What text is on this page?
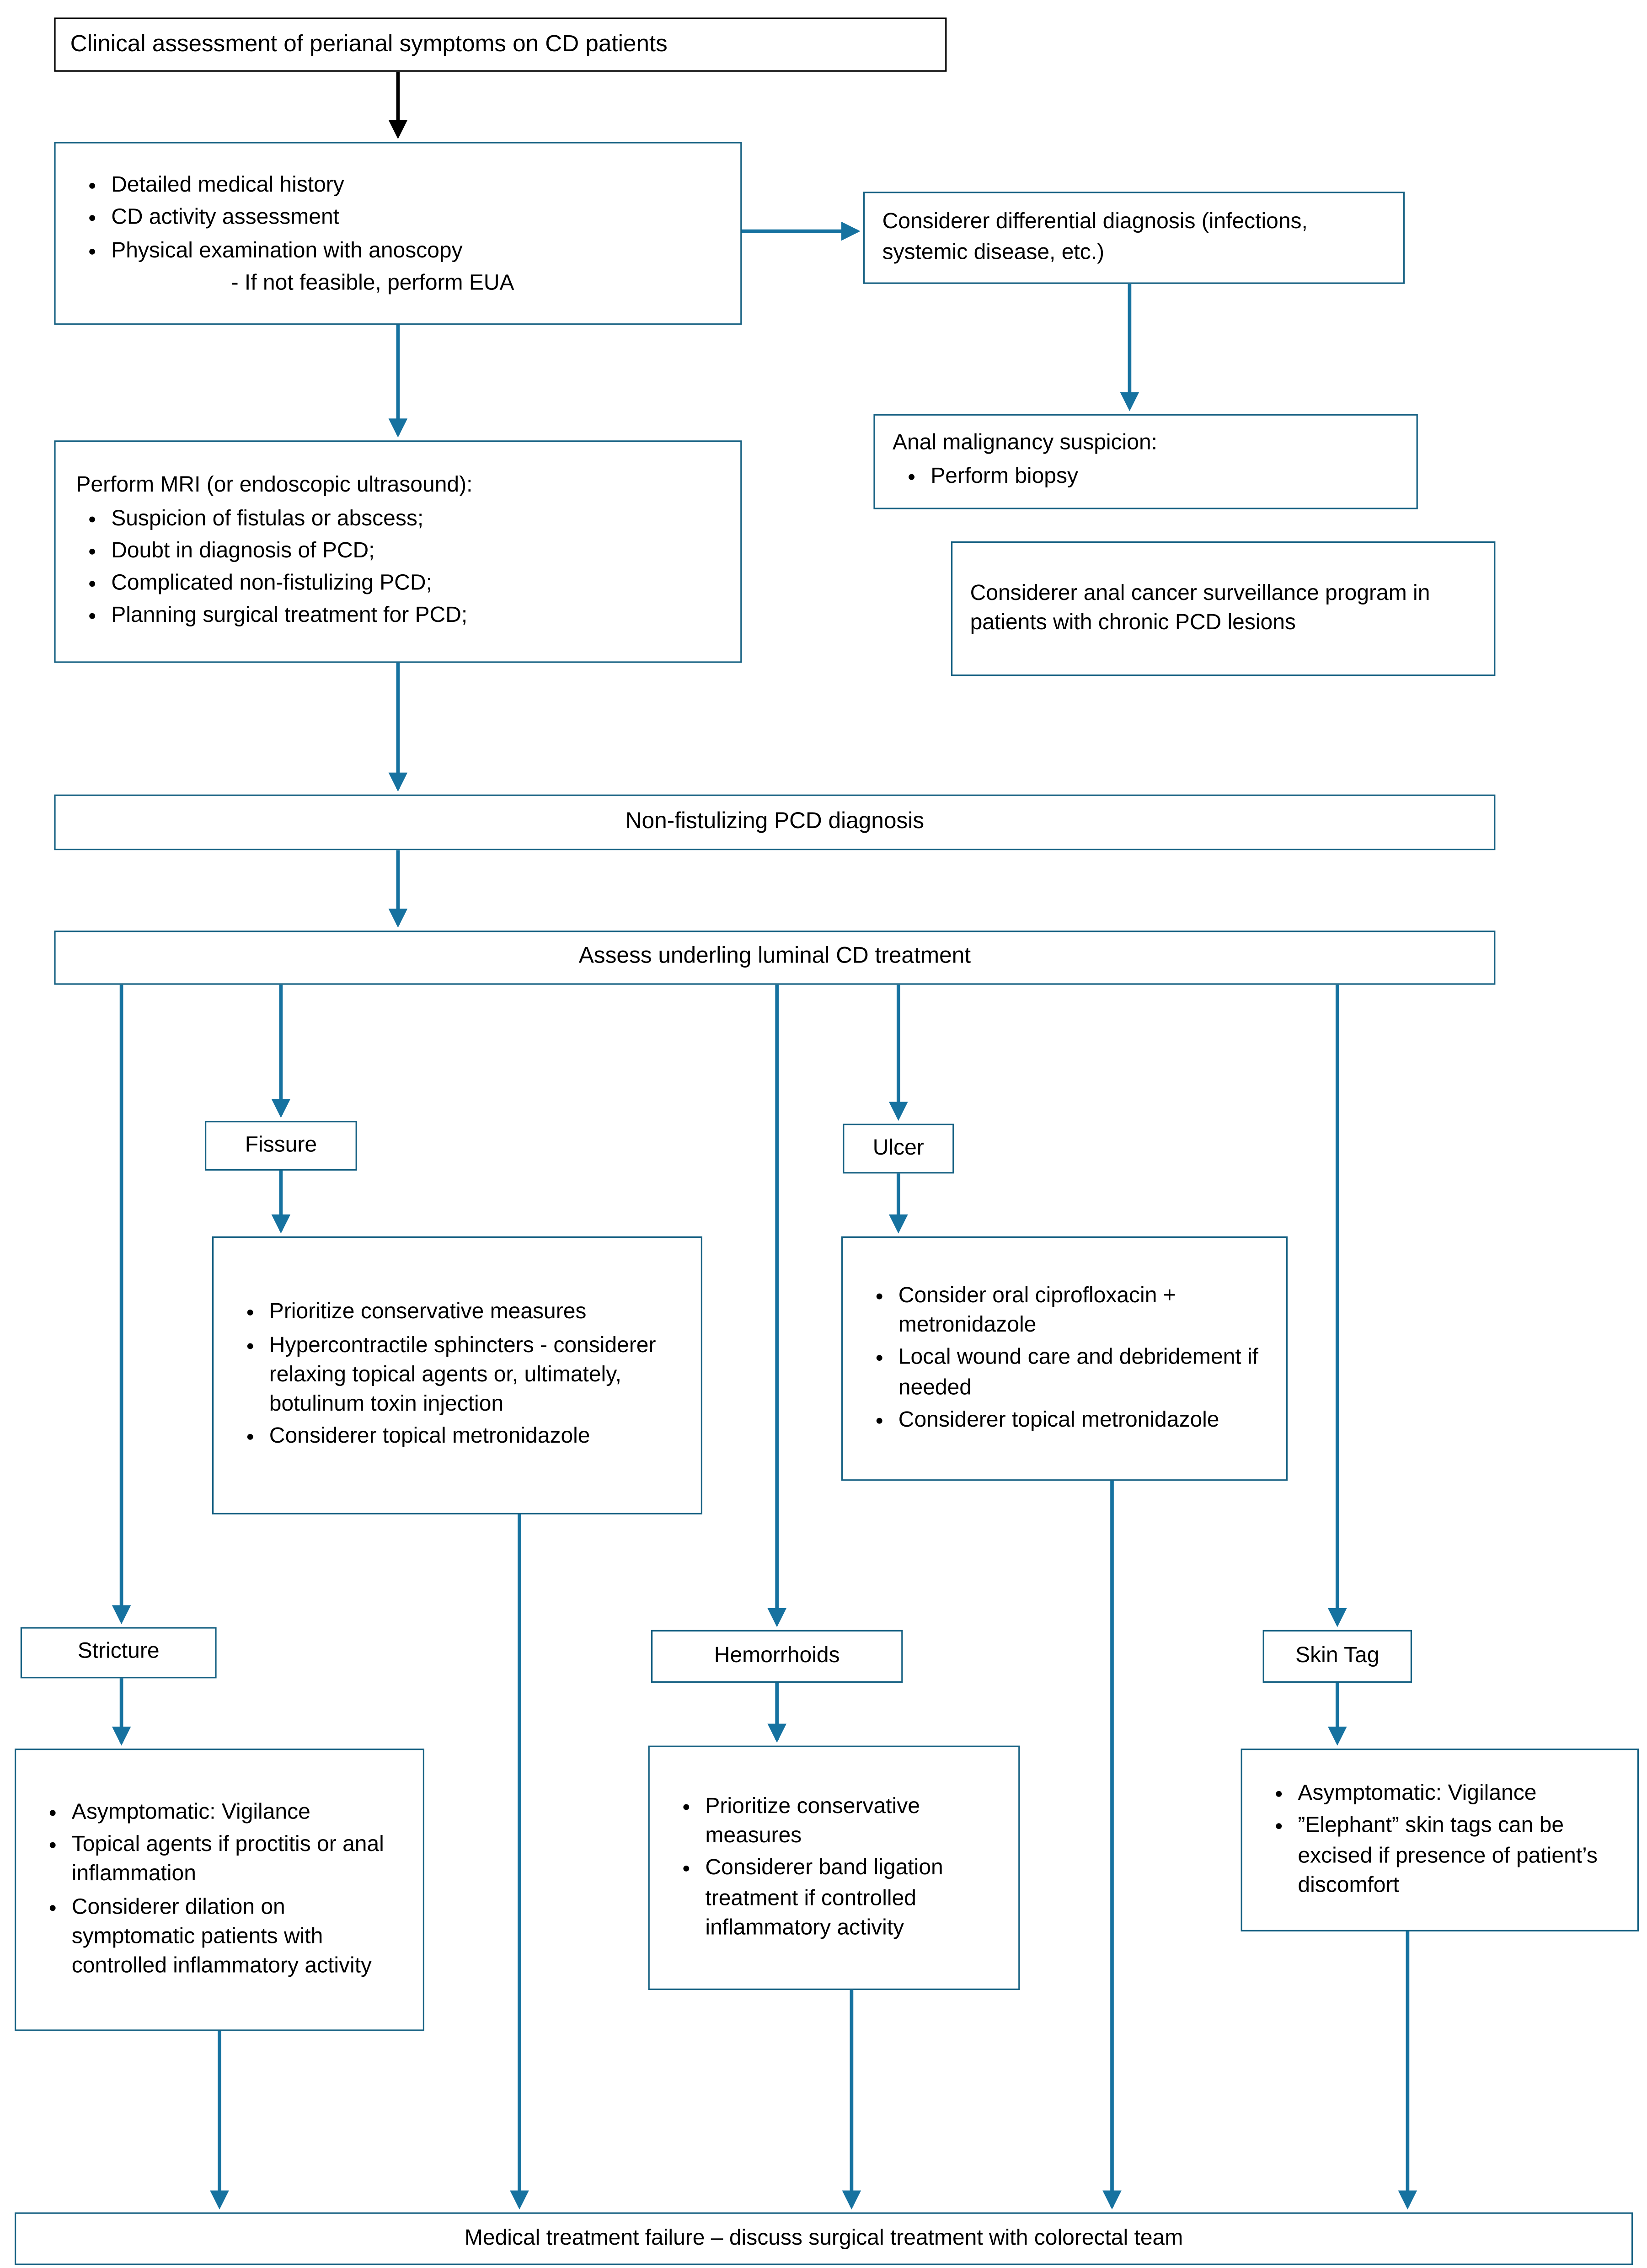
Clinical assessment of perianal symptoms on CD patients
• Detailed medical history
• CD activity assessment
• Physical examination with anoscopy
- If not feasible, perform EUA
Considerer differential diagnosis (infections, systemic disease, etc.)
Anal malignancy suspicion:
• Perform biopsy
Considerer anal cancer surveillance program in patients with chronic PCD lesions
Perform MRI (or endoscopic ultrasound):
• Suspicion of fistulas or abscess;
• Doubt in diagnosis of PCD;
• Complicated non-fistulizing PCD;
• Planning surgical treatment for PCD;
Non-fistulizing PCD diagnosis
Assess underling luminal CD treatment
Fissure
• Prioritize conservative measures
• Hypercontractile sphincters - considerer relaxing topical agents or, ultimately, botulinum toxin injection
• Considerer topical metronidazole
Ulcer
• Consider oral ciprofloxacin + metronidazole
• Local wound care and debridement if needed
• Considerer topical metronidazole
Stricture
• Asymptomatic: Vigilance
• Topical agents if proctitis or anal inflammation
• Considerer dilation on symptomatic patients with controlled inflammatory activity
Hemorrhoids
• Prioritize conservative measures
• Considerer band ligation treatment if controlled inflammatory activity
Skin Tag
• Asymptomatic: Vigilance
• ”Elephant” skin tags can be excised if presence of patient’s discomfort
Medical treatment failure – discuss surgical treatment with colorectal team
